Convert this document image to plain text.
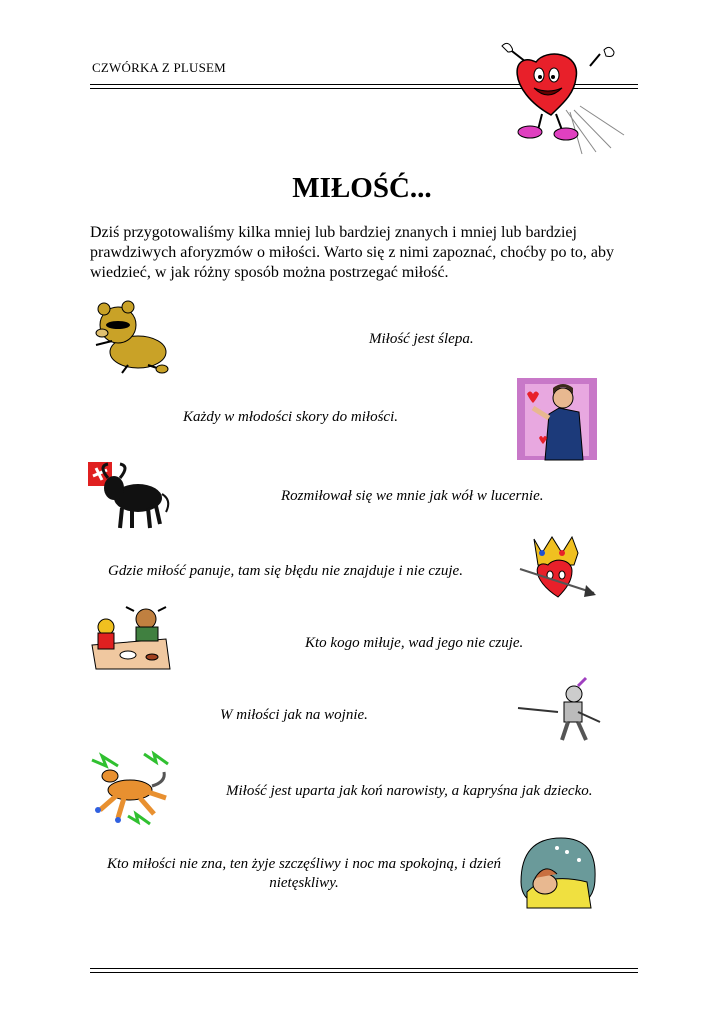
CZWÓRKA Z PLUSEM
MIŁOŚĆ...
Dziś przygotowaliśmy kilka mniej lub bardziej znanych i mniej lub bardziej prawdziwych aforyzmów o miłości. Warto się z nimi zapoznać, choćby po to, aby wiedzieć, w jak różny sposób można postrzegać miłość.
Miłość jest ślepa.
Każdy w młodości skory do miłości.
Rozmiłował się we mnie jak wół w lucernie.
Gdzie miłość panuje, tam się błędu nie znajduje i nie czuje.
Kto kogo miłuje, wad jego nie czuje.
W miłości jak na wojnie.
Miłość jest uparta jak koń narowisty, a kapryśna jak dziecko.
Kto miłości nie zna, ten żyje szczęśliwy i noc ma spokojną, i dzień nietęskliwy.
